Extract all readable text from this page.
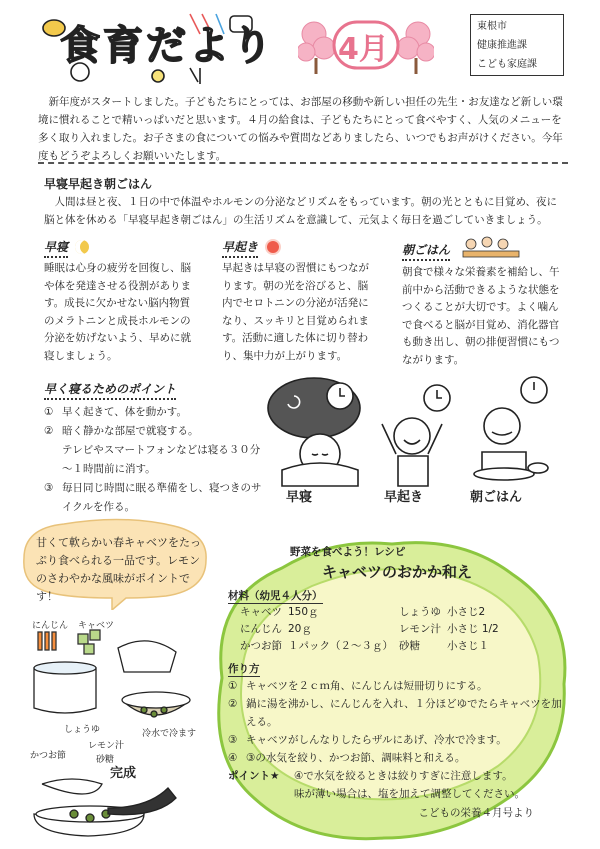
食育だより 4月
東根市
健康推進課
こども家庭課
新年度がスタートしました。子どもたちにとっては、お部屋の移動や新しい担任の先生・お友達など新しい環境に慣れることで精いっぱいだと思います。４月の給食は、子どもたちにとって食べやすく、人気のメニューを多く取り入れました。お子さまの食についての悩みや質問などありましたら、いつでもお声がけください。今年度もどうぞよろしくお願いいたします。
早寝早起き朝ごはん
人間は昼と夜、１日の中で体温やホルモンの分泌などリズムをもっています。朝の光とともに目覚め、夜に脳と体を休める「早寝早起き朝ごはん」の生活リズムを意識して、元気よく毎日を過ごしていきましょう。
早寝
睡眠は心身の疲労を回復し、脳や体を発達させる役割があります。成長に欠かせない脳内物質のメラトニンと成長ホルモンの分泌を妨げないよう、早めに就寝しましょう。
早起き
早起きは早寝の習慣にもつながります。朝の光を浴びると、脳内でセロトニンの分泌が活発になり、スッキリと目覚められます。活動に適した体に切り替わり、集中力が上がります。
朝ごはん
朝食で様々な栄養素を補給し、午前中から活動できるような状態をつくることが大切です。よく噛んで食べると脳が目覚め、消化器官も動き出し、朝の排便習慣にもつながります。
早く寝るためのポイント
① 早く起きて、体を動かす。
② 暗く静かな部屋で就寝する。
テレビやスマートフォンなどは寝る３０分～１時間前に消す。
③ 毎日同じ時間に眠る準備をし、寝つきのサイクルを作る。
早寝	早起き	朝ごはん
甘くて軟らかい春キャベツをたっぷり食べられる一品です。レモンのさわやかな風味がポイントです！
にんじん キャベツ
かつお節
しょうゆ
レモン汁
砂糖
冷水で冷ます
完成
野菜を食べよう！レシピ
キャベツのおかか和え
材料（幼児４人分）
キャベツ	150ｇ	しょうゆ	小さじ2
にんじん	20ｇ	レモン汁	小さじ 1/2
かつお節	１パック（２～３ｇ）	砂糖	小さじ１
作り方
① キャベツを２ｃｍ角、にんじんは短冊切りにする。
② 鍋に湯を沸かし、にんじんを入れ、１分ほどゆでたらキャベツを加える。
③ キャベツがしんなりしたらザルにあげ、冷水で冷ます。
④ ③の水気を絞り、かつお節、調味料と和える。
ポイント★	④で水気を絞るときは絞りすぎに注意します。
味が薄い場合は、塩を加えて調整してください。
こどもの栄養４月号より
